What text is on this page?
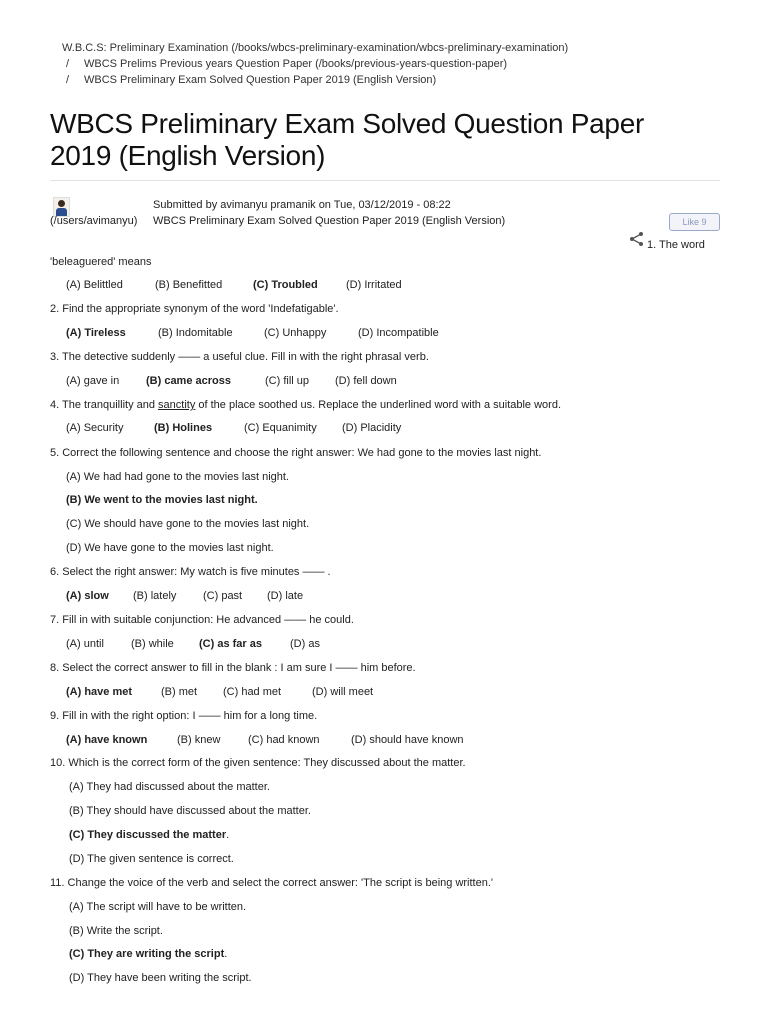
W.B.C.S: Preliminary Examination (/books/wbcs-preliminary-examination/wbcs-preliminary-examination)
/ WBCS Prelims Previous years Question Paper (/books/previous-years-question-paper)
/ WBCS Preliminary Exam Solved Question Paper 2019 (English Version)
WBCS Preliminary Exam Solved Question Paper
2019 (English Version)
Submitted by avimanyu pramanik on Tue, 03/12/2019 - 08:22
(/users/avimanyu) WBCS Preliminary Exam Solved Question Paper 2019 (English Version)	Like 9
1. The word
'beleaguered' means
(A) Belittled	(B) Benefitted	(C) Troubled	(D) Irritated
2. Find the appropriate synonym of the word 'Indefatigable'.
(A) Tireless	(B) Indomitable	(C) Unhappy	(D) Incompatible
3. The detective suddenly —— a useful clue. Fill in with the right phrasal verb.
(A) gave in (B) came across	(C) fill up (D) fell down
4. The tranquillity and sanctity of the place soothed us. Replace the underlined word with a suitable word.
(A) Security	(B) Holines	(C) Equanimity (D) Placidity
5. Correct the following sentence and choose the right answer: We had gone to the movies last night.
(A) We had had gone to the movies last night.
(B) We went to the movies last night.
(C) We should have gone to the movies last night.
(D) We have gone to the movies last night.
6. Select the right answer: My watch is five minutes —— .
(A) slow (B) lately (C) past (D) late
7. Fill in with suitable conjunction: He advanced —— he could.
(A) until (B) while (C) as far as	(D) as
8. Select the correct answer to fill in the blank : I am sure I —— him before.
(A) have met	(B) met (C) had met	(D) will meet
9. Fill in with the right option: I —— him for a long time.
(A) have known	(B) knew	(C) had known	(D) should have known
10. Which is the correct form of the given sentence: They discussed about the matter.
(A) They had discussed about the matter.
(B) They should have discussed about the matter.
(C) They discussed the matter.
(D) The given sentence is correct.
11. Change the voice of the verb and select the correct answer: 'The script is being written.'
(A) The script will have to be written.
(B) Write the script.
(C) They are writing the script.
(D) They have been writing the script.
